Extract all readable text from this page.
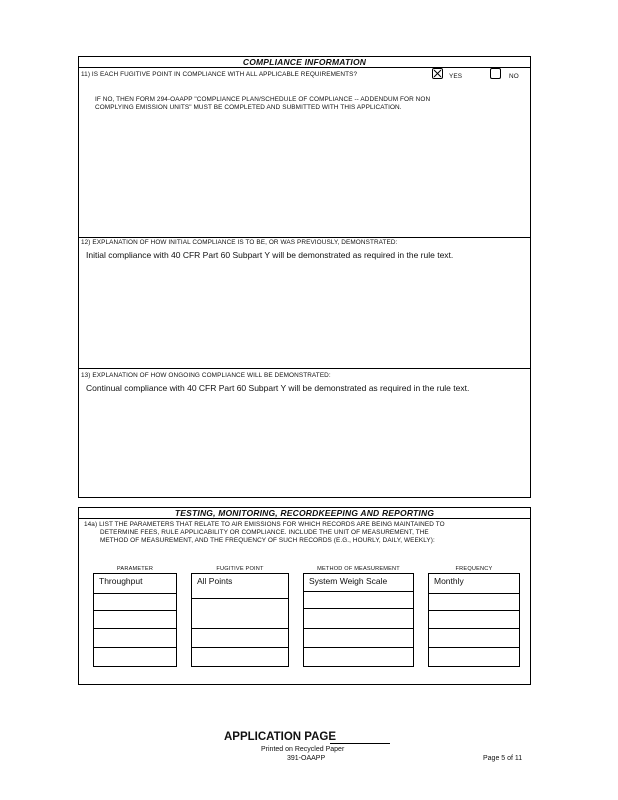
COMPLIANCE INFORMATION
11) IS EACH FUGITIVE POINT IN COMPLIANCE WITH ALL APPLICABLE REQUIREMENTS?	YES	NO
IF NO, THEN FORM 294-OAAPP "COMPLIANCE PLAN/SCHEDULE OF COMPLIANCE -- ADDENDUM FOR NON
COMPLYING EMISSION UNITS" MUST BE COMPLETED AND SUBMITTED WITH THIS APPLICATION.
12) EXPLANATION OF HOW INITIAL COMPLIANCE IS TO BE, OR WAS PREVIOUSLY, DEMONSTRATED:
Initial compliance with 40 CFR Part 60 Subpart Y will be demonstrated as required in the rule text.
13) EXPLANATION OF HOW ONGOING COMPLIANCE WILL BE DEMONSTRATED:
Continual compliance with 40 CFR Part 60 Subpart Y will be demonstrated as required in the rule text.
TESTING, MONITORING, RECORDKEEPING AND REPORTING
14a) LIST THE PARAMETERS THAT RELATE TO AIR EMISSIONS FOR WHICH RECORDS ARE BEING MAINTAINED TO
DETERMINE FEES, RULE APPLICABILITY OR COMPLIANCE. INCLUDE THE UNIT OF MEASUREMENT, THE
METHOD OF MEASUREMENT, AND THE FREQUENCY OF SUCH RECORDS (E.G., HOURLY, DAILY, WEEKLY):
PARAMETER	FUGITIVE POINT	METHOD OF MEASUREMENT	FREQUENCY
Throughput	All Points	System Weigh Scale	Monthly
APPLICATION PAGE
Printed on Recycled Paper
391-OAAPP	Page 5 of 11
